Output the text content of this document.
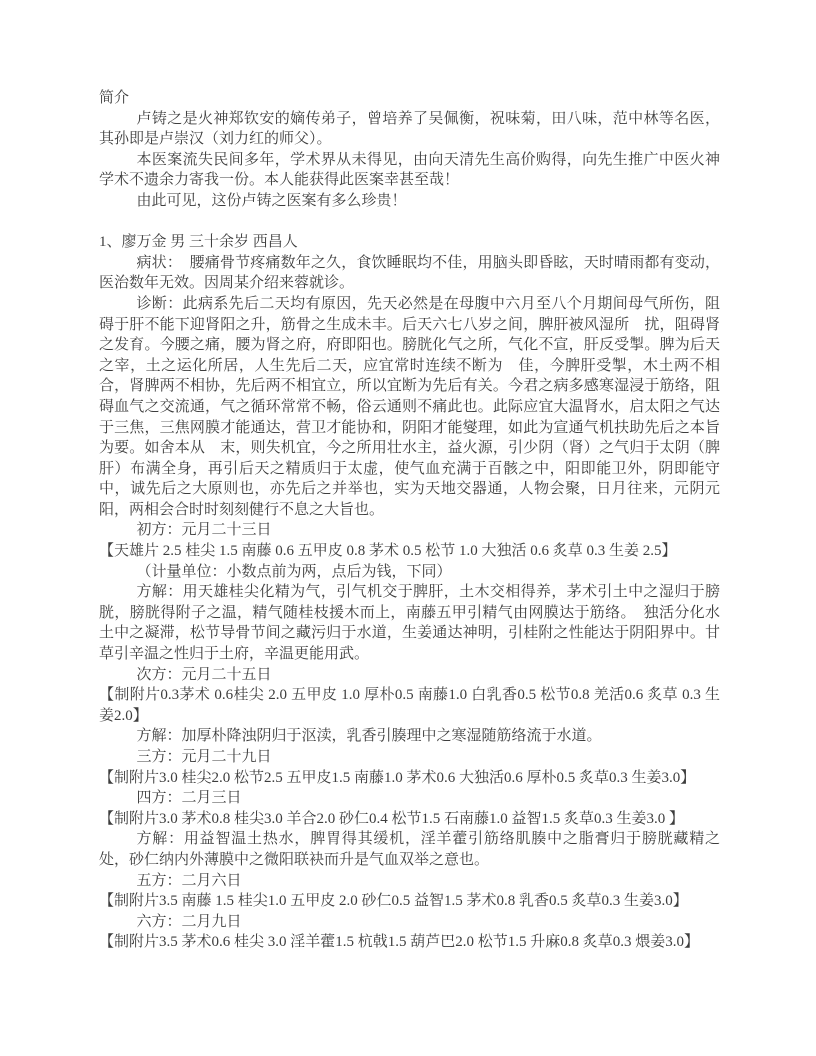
简介

卢铸之是火神郑钦安的嫡传弟子，曾培养了吴佩衡，祝味菊，田八味，范中林等名医，其孙即是卢崇汉（刘力红的师父）。

本医案流失民间多年，学术界从未得见，由向天清先生高价购得，向先生推广中医火神学术不遗余力寄我一份。本人能获得此医案幸甚至哉！

由此可见，这份卢铸之医案有多么珍贵！

1、廖万金 男 三十余岁 西昌人

病状：　腰痛骨节疼痛数年之久，食饮睡眠均不佳，用脑头即昏眩，天时晴雨都有变动，医治数年无效。因周某介绍来蓉就诊。

诊断：此病系先后二天均有原因，先天必然是在母腹中六月至八个月期间母气所伤，阻碍于肝不能下迎肾阳之升，筋骨之生成未丰。后天六七八岁之间，脾肝被风湿所　扰，阻碍肾之发育。今腰之痛，腰为肾之府，府即阳也。膀胱化气之所，气化不宣，肝反受掣。脾为后天之宰，土之运化所居，人生先后二天，应宜常时连续不断为　佳，今脾肝受掣，木土两不相合，肾脾两不相协，先后两不相宜立，所以宜断为先后有关。今君之病多感寒湿浸于筋络，阻碍血气之交流通，气之循环常常不畅，俗云通则不痛此也。此际应宜大温肾水，启太阳之气达于三焦，三焦网膜才能通达，营卫才能协和，阴阳才能燮理，如此为宣通气机扶助先后之本旨为要。如舍本从　末，则失机宜，今之所用壮水主，益火源，引少阴（肾）之气归于太阴（脾肝）布满全身，再引后天之精质归于太虚，使气血充满于百骸之中，阳即能卫外，阴即能守中，诚先后之大原则也，亦先后之并举也，实为天地交器通，人物会聚，日月往来，元阴元阳，两相会合时时刻刻健行不息之大旨也。

初方：元月二十三日

【天雄片 2.5 桂尖 1.5 南藤 0.6 五甲皮 0.8 茅术 0.5 松节 1.0 大独活 0.6 炙草 0.3 生姜 2.5】

（计量单位：小数点前为两，点后为钱，下同）

方解：用天雄桂尖化精为气，引气机交于脾肝，土木交相得养，茅术引土中之湿归于膀胱，膀胱得附子之温，精气随桂枝援木而上，南藤五甲引精气由网膜达于筋络。　独活分化水土中之凝滞，松节导骨节间之藏污归于水道，生姜通达神明，引桂附之性能达于阴阳界中。甘草引辛温之性归于土府，辛温更能用武。

次方：元月二十五日

【制附片0.3茅术 0.6桂尖 2.0 五甲皮 1.0 厚朴0.5 南藤1.0 白乳香0.5 松节0.8 羌活0.6 炙草 0.3 生姜2.0】

方解：加厚朴降浊阴归于沤渎，乳香引腠理中之寒湿随筋络流于水道。

三方：元月二十九日

【制附片3.0 桂尖2.0 松节2.5 五甲皮1.5 南藤1.0 茅术0.6 大独活0.6 厚朴0.5 炙草0.3 生姜3.0】

四方：二月三日

【制附片3.0 茅术0.8 桂尖3.0 羊合2.0 砂仁0.4 松节1.5 石南藤1.0 益智1.5 炙草0.3 生姜3.0 】

方解：用益智温土热水，脾胃得其缓机，淫羊藿引筋络肌腠中之脂膏归于膀胱藏精之处，砂仁纳内外薄膜中之微阳联袂而升是气血双举之意也。

五方：二月六日

【制附片3.5 南藤 1.5 桂尖1.0 五甲皮 2.0 砂仁0.5 益智1.5 茅术0.8 乳香0.5 炙草0.3 生姜3.0】

六方：二月九日

【制附片3.5 茅术0.6 桂尖 3.0 淫羊藿1.5 杭戟1.5 葫芦巴2.0 松节1.5 升麻0.8 炙草0.3 煨姜3.0】
